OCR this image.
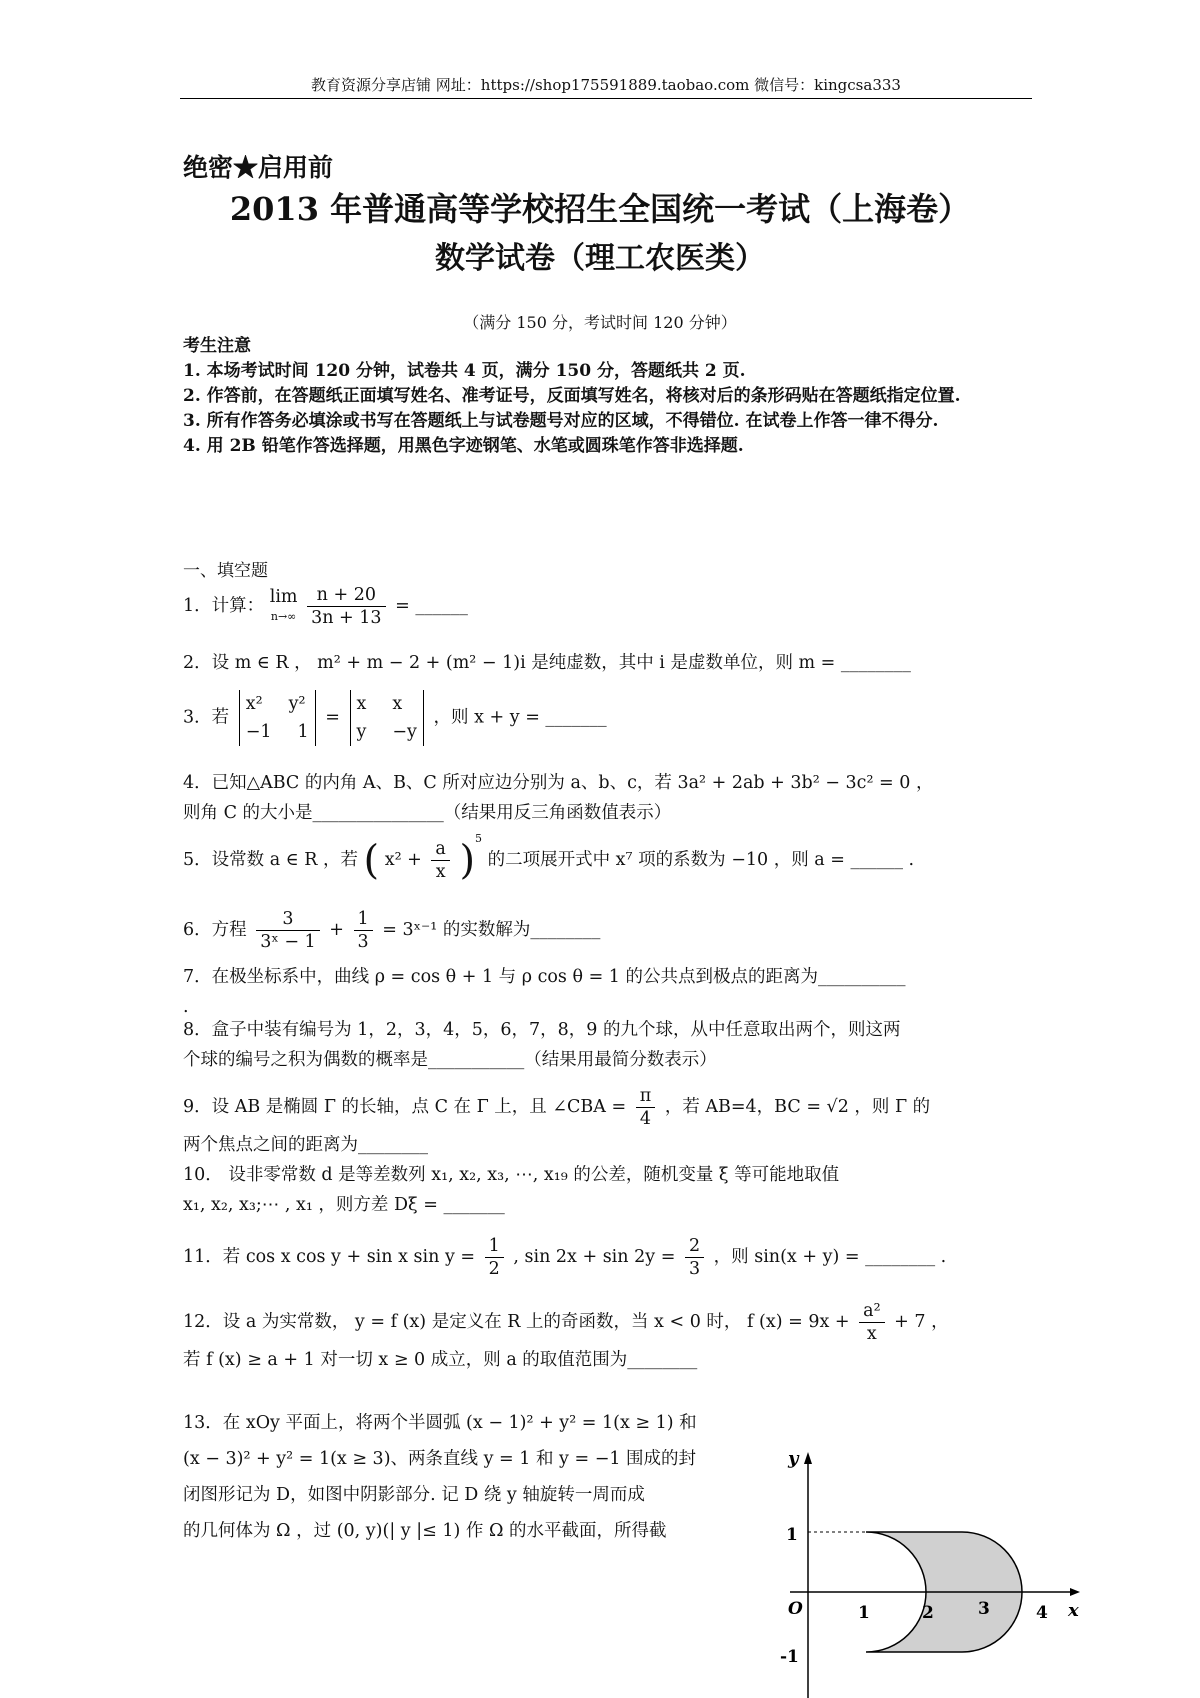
教育资源分享店铺 网址：https://shop175591889.taobao.com 微信号：kingcsa333
绝密★启用前
2013 年普通高等学校招生全国统一考试（上海卷）
数学试卷（理工农医类）
（满分 150 分，考试时间 120 分钟）

考生注意

1. 本场考试时间 120 分钟，试卷共 4 页，满分 150 分，答题纸共 2 页.

2. 作答前，在答题纸正面填写姓名、准考证号，反面填写姓名，将核对后的条形码贴在答题纸指定位置.

3. 所有作答务必填涂或书写在答题纸上与试卷题号对应的区域，不得错位. 在试卷上作答一律不得分.

4. 用 2B 铅笔作答选择题，用黑色字迹钢笔、水笔或圆珠笔作答非选择题.

一、填空题
1．计算： lim
n→∞
$\frac{n + 20}{3n + 13}$ = ______
2．设 m ∈ R ， m² + m − 2 + (m² − 1)i 是纯虚数，其中 i 是虚数单位，则 m = ________
3．若
x² y²
−1 1
=
x x
y −y
，则 x + y = _______
4．已知△ABC 的内角 A、B、C 所对应边分别为 a、b、c，若 3a² + 2ab + 3b² − 3c² = 0 ，
则角 C 的大小是_______________（结果用反三角函数值表示）
5．设常数 a ∈ R ，若 ( $x^2 + \frac{a}{x} )^5$ 的二项展开式中 x⁷ 项的系数为 −10 ，则 a = ______ .
6．方程 $\frac{3}{\text{3ˣ − 1}} + \frac{1}{3}$ = 3ˣ⁻¹ 的实数解为________
7．在极坐标系中，曲线 ρ = cos θ + 1 与 ρ cos θ = 1 的公共点到极点的距离为__________
.
8．盒子中装有编号为 1，2，3，4，5，6，7，8，9 的九个球，从中任意取出两个，则这两
个球的编号之积为偶数的概率是___________（结果用最简分数表示）
9．设 AB 是椭圆 Γ 的长轴，点 C 在 Γ 上，且 ∠CBA = $\frac{\pi}{4}$ ，若 AB=4，BC = √2 ，则 Γ 的
两个焦点之间的距离为________
10． 设非零常数 d 是等差数列 x₁, x₂, x₃, ⋯, x₁₉ 的公差，随机变量 ξ 等可能地取值
x₁, x₂, x₃;⋯ , x₁ ，则方差 Dξ = _______
11．若 cos x cos y + sin x $\sin y = \frac{1}{2}$ , $\sin 2x + \sin 2y = \frac{2}{3}$ ，则 sin(x + y) = ________ .
12．设 a 为实常数， y = f (x) 是定义在 R 上的奇函数，当 x < 0 时， f $(x) = 9x + \frac{\text{a²}}{x} + 7$ ，
若 f (x) ≥ a + 1 对一切 x ≥ 0 成立，则 a 的取值范围为________
13．在 xOy 平面上，将两个半圆弧 (x − 1)² + y² = 1(x ≥ 1) 和
(x − 3)² + y² = 1(x ≥ 3)、两条直线 y = 1 和 y = −1 围成的封
闭图形记为 D，如图中阴影部分. 记 D 绕 y 轴旋转一周而成
的几何体为 Ω ，过 (0, y)(| y |≤ 1) 作 Ω 的水平截面，所得截
y
x
O
1
-1
1	2	3	4
